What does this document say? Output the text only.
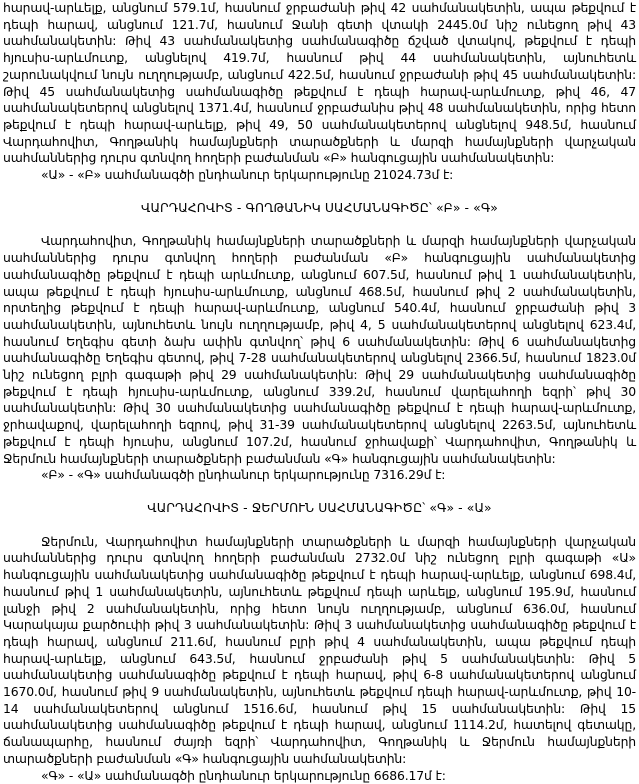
հարավ-արևելք, անցնում 579.1մ, հասնում ջրբաժանի թիվ 42 սահմանակետին, ապա թեքվում է դեպի հարավ, անցնում 121.7մ, հասնում Ջանի գետի վտակի 2445.0մ նիշ ունեցող թիվ 43 սահմանակետին: Թիվ 43 սահմանակետից սահմանագիծը ճշված վտակով, թեքվում է դեպի հյուսիս-արևմուտք, անցնելով 419.7մ, հասնում թիվ 44 սահմանակետին, այնուհետև շարունակվում նույն ուղղությամբ, անցնում 422.5մ, հասնում ջրբաժանի թիվ 45 սահմանակետին: Թիվ 45 սահմանակետից սահմանագիծը թեքվում է դեպի հարավ-արևմուտք, թիվ 46, 47 սահմանակետերով անցնելով 1371.4մ, հասնում ջրբաժանիս թիվ 48 սահմանակետին, որից հետո թեքվում է դեպի հարավ-արևելք, թիվ 49, 50 սահմանակետերով անցնելով 948.5մ, հասնում Վարդահովիտ, Գողթանիկ համայնքների տարածքների և մարզի համայնքների վարչական սահմաններից դուրս գտնվող հողերի բաժանման «Բ» հանգուցային սահմանակետին:

«Ա» - «Բ» սահմանագծի ընդհանուր երկարությունը 21024.73մ է:

ՎԱՐԴԱՀՈՎԻՏ - ԳՈՂԹԱՆԻԿ ՍԱՀՄԱՆԱԳԻԾԸ՝ «Բ» - «Գ»

Վարդահովիտ, Գողթանիկ համայնքների տարածքների և մարզի համայնքների վարչական սահմաններից դուրս գտնվող հողերի բաժանման «Բ» հանգուցային սահմանակետից սահմանագիծը թեքվում է դեպի արևմուտք, անցնում 607.5մ, հասնում թիվ 1 սահմանակետին, ապա թեքվում է դեպի հյուսիս-արևմուտք, անցնում 468.5մ, հասնում թիվ 2 սահմանակետին, որտեղից թեքվում է դեպի հարավ-արևմուտք, անցնում 540.4մ, հասնում ջրբաժանի թիվ 3 սահմանակետին, այնուհետև նույն ուղղությամբ, թիվ 4, 5 սահմանակետերով անցնելով 623.4մ, հասնում Եղեգիս գետի ձախ ափին գտնվող՝ թիվ 6 սահմանակետին: Թիվ 6 սահմանակետից սահմանագիծը Եղեգիս գետով, թիվ 7-28 սահմանակետերով անցնելով 2366.5մ, հասնում 1823.0մ նիշ ունեցող բլրի գագաթի թիվ 29 սահմանակետին: Թիվ 29 սահմանակետից սահմանագիծը թեքվում է դեպի հյուսիս-արևմուտք, անցնում 339.2մ, հասնում վարելահողի եզրի՝ թիվ 30 սահմանակետին: Թիվ 30 սահմանակետից սահմանագիծը թեքվում է դեպի հարավ-արևմուտք, ջրհավաքով, վարելահողի եզրով, թիվ 31-39 սահմանակետերով անցնելով 2263.5մ, այնուհետև թեքվում է դեպի հյուսիս, անցնում 107.2մ, հասնում ջրհավաքի՝ Վարդահովիտ, Գողթանիկ և Ջերմուն համայնքների տարածքների բաժանման «Գ» հանգուցային սահմանակետին:

«Բ» - «Գ» սահմանագծի ընդհանուր երկարությունը 7316.29մ է:

ՎԱՐԴԱՀՈՎԻՏ - ՋԵՐՄՈՒՆ ՍԱՀՄԱՆԱԳԻԾԸ՝ «Գ» - «Ա»

Ջերմուն, Վարդահովիտ համայնքների տարածքների և մարզի համայնքների վարչական սահմաններից դուրս գտնվող հողերի բաժանման 2732.0մ նիշ ունեցող բլրի գագաթի «Ա» հանգուցային սահմանակետից սահմանագիծը թեքվում է դեպի հարավ-արևելք, անցնում 698.4մ, հասնում թիվ 1 սահմանակետին, այնուհետև թեքվում դեպի արևելք, անցնում 195.9մ, հասնում լանջի թիվ 2 սահմանակետին, որից հետո նույն ուղղությամբ, անցնում 636.0մ, հասնում Կարակայա քարծուփի թիվ 3 սահմանակետին: Թիվ 3 սահմանակետից սահմանագիծը թեքվում է դեպի հարավ, անցնում 211.6մ, հասնում բլրի թիվ 4 սահմանակետին, ապա թեքվում դեպի հարավ-արևելք, անցնում 643.5մ, հասնում ջրբաժանի թիվ 5 սահմանակետին: Թիվ 5 սահմանակետից սահմանագիծը թեքվում է դեպի հարավ, թիվ 6-8 սահմանակետերով անցնում 1670.0մ, հասնում թիվ 9 սահմանակետին, այնուհետև թեքվում դեպի հարավ-արևմուտք, թիվ 10-14 սահմանակետերով անցնում 1516.6մ, հասնում թիվ 15 սահմանակետին: Թիվ 15 սահմանակետից սահմանագիծը թեքվում է դեպի հարավ, անցնում 1114.2մ, հատելով գետակը, ճանապարհը, հասնում ժայռի եզրի՝ Վարդահովիտ, Գողթանիկ և Ջերմուն համայնքների տարածքների բաժանման «Գ» հանգուցային սահմանակետին:

«Գ» - «Ա» սահմանագծի ընդհանուր երկարությունը 6686.17մ է:
